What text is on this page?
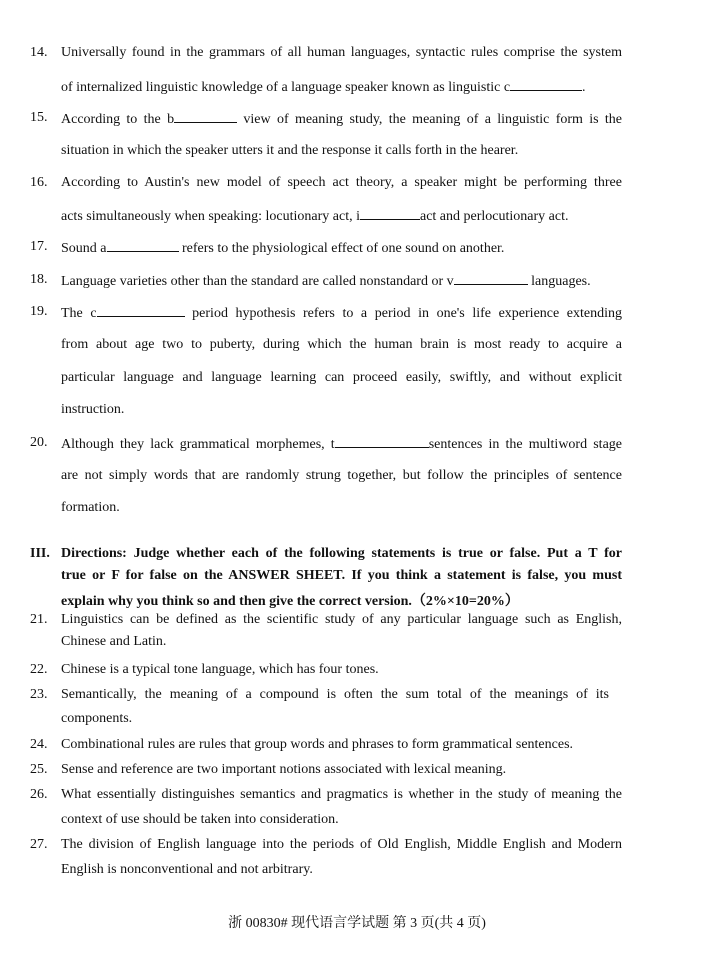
14. Universally found in the grammars of all human languages, syntactic rules comprise the system
of internalized linguistic knowledge of a language speaker known as linguistic c	.
15. According to the b	view of meaning study, the meaning of a linguistic form is the
situation in which the speaker utters it and the response it calls forth in the hearer.
16. According to Austin's new model of speech act theory, a speaker might be performing three
acts simultaneously when speaking: locutionary act, i	act and perlocutionary act.
17. Sound a	refers to the physiological effect of one sound on another.
18. Language varieties other than the standard are called nonstandard or v	languages.
19. The c	period hypothesis refers to a period in one's life experience extending
from about age two to puberty, during which the human brain is most ready to acquire a
particular language and language learning can proceed easily, swiftly, and without explicit
instruction.
20. Although they lack grammatical morphemes, t	sentences in the multiword stage
are not simply words that are randomly strung together, but follow the principles of sentence
formation.
III. Directions: Judge whether each of the following statements is true or false. Put a T for
true or F for false on the ANSWER SHEET. If you think a statement is false, you must
explain why you think so and then give the correct version.（2%×10=20%）
21. Linguistics can be defined as the scientific study of any particular language such as English,
Chinese and Latin.
22. Chinese is a typical tone language, which has four tones.
23. Semantically, the meaning of a compound is often the sum total of the meanings of its
components.
24. Combinational rules are rules that group words and phrases to form grammatical sentences.
25. Sense and reference are two important notions associated with lexical meaning.
26. What essentially distinguishes semantics and pragmatics is whether in the study of meaning the
context of use should be taken into consideration.
27. The division of English language into the periods of Old English, Middle English and Modern
English is nonconventional and not arbitrary.
浙 00830# 现代语言学试题 第 3 页(共 4 页)
